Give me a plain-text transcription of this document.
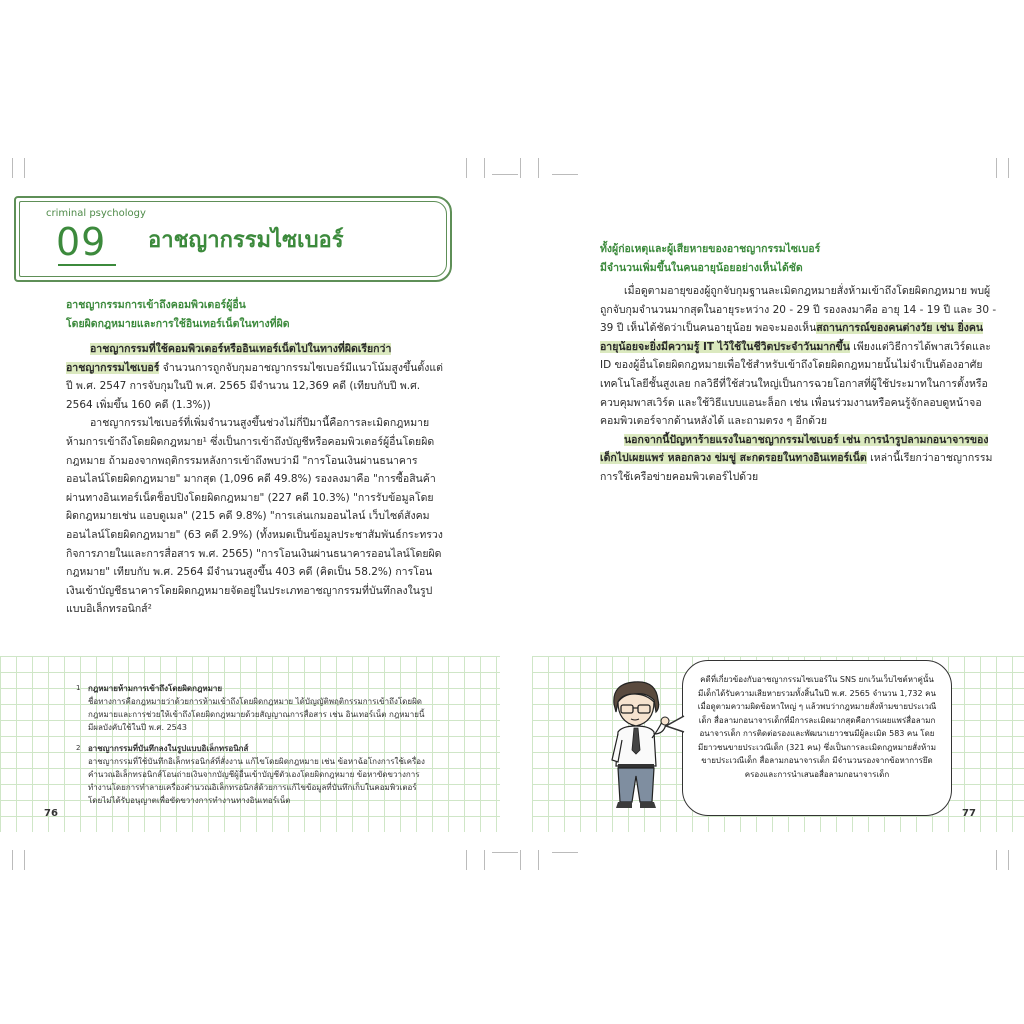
criminal psychology
09 อาชญากรรมไซเบอร์
อาชญากรรมการเข้าถึงคอมพิวเตอร์ผู้อื่น
โดยผิดกฎหมายและการใช้อินเทอร์เน็ตในทางที่ผิด
อาชญากรรมที่ใช้คอมพิวเตอร์หรืออินเทอร์เน็ตไปในทางที่ผิดเรียกว่า อาชญากรรมไซเบอร์ จำนวนการถูกจับกุมอาชญากรรมไซเบอร์มีแนวโน้มสูงขึ้นตั้งแต่ปี พ.ศ. 2547 การจับกุมในปี พ.ศ. 2565 มีจำนวน 12,369 คดี (เทียบกับปี พ.ศ. 2564 เพิ่มขึ้น 160 คดี (1.3%))
อาชญากรรมไซเบอร์ที่เพิ่มจำนวนสูงขึ้นช่วงไม่กี่ปีมานี้คือการละเมิดกฎหมายห้ามการเข้าถึงโดยผิดกฎหมาย¹ ซึ่งเป็นการเข้าถึงบัญชีหรือคอมพิวเตอร์ผู้อื่นโดยผิดกฎหมาย ถ้ามองจากพฤติกรรมหลังการเข้าถึงพบว่ามี "การโอนเงินผ่านธนาคารออนไลน์โดยผิดกฎหมาย" มากสุด (1,096 คดี 49.8%) รองลงมาคือ "การซื้อสินค้าผ่านทางอินเทอร์เน็ตช็อปปิงโดยผิดกฎหมาย" (227 คดี 10.3%) "การรับข้อมูลโดยผิดกฎหมายเช่น แอบดูเมล" (215 คดี 9.8%) "การเล่นเกมออนไลน์ เว็บไซต์สังคมออนไลน์โดยผิดกฎหมาย" (63 คดี 2.9%) (ทั้งหมดเป็นข้อมูลประชาสัมพันธ์กระทรวงกิจการภายในและการสื่อสาร พ.ศ. 2565) "การโอนเงินผ่านธนาคารออนไลน์โดยผิดกฎหมาย" เทียบกับ พ.ศ. 2564 มีจำนวนสูงขึ้น 403 คดี (คิดเป็น 58.2%) การโอนเงินเข้าบัญชีธนาคารโดยผิดกฎหมายจัดอยู่ในประเภทอาชญากรรมที่บันทึกลงในรูปแบบอิเล็กทรอนิกส์²
1 กฎหมายห้ามการเข้าถึงโดยผิดกฎหมาย
ชื่อทางการคือกฎหมายว่าด้วยการห้ามเข้าถึงโดยผิดกฎหมาย ได้บัญญัติพฤติกรรมการเข้าถึงโดยผิดกฎหมายและการช่วยให้เข้าถึงโดยผิดกฎหมายด้วยสัญญาณการสื่อสาร เช่น อินเทอร์เน็ต กฎหมายนี้มีผลบังคับใช้ในปี พ.ศ. 2543
2 อาชญากรรมที่บันทึกลงในรูปแบบอิเล็กทรอนิกส์
อาชญากรรมที่ใช้บันทึกอิเล็กทรอนิกส์ที่สั่งงาน แก้ไขโดยผิดกฎหมาย เช่น ข้อหาฉ้อโกงการใช้เครื่องคำนวณอิเล็กทรอนิกส์โอนถ่ายเงินจากบัญชีผู้อื่นเข้าบัญชีตัวเองโดยผิดกฎหมาย ข้อหาขัดขวางการทำงานโดยการทำลายเครื่องคำนวณอิเล็กทรอนิกส์ด้วยการแก้ไขข้อมูลที่บันทึกเก็บในคอมพิวเตอร์โดยไม่ได้รับอนุญาตเพื่อขัดขวางการทำงานทางอินเทอร์เน็ต
76
ทั้งผู้ก่อเหตุและผู้เสียหายของอาชญากรรมไซเบอร์
มีจำนวนเพิ่มขึ้นในคนอายุน้อยอย่างเห็นได้ชัด
เมื่อดูตามอายุของผู้ถูกจับกุมฐานละเมิดกฎหมายสั่งห้ามเข้าถึงโดยผิดกฎหมาย พบผู้ถูกจับกุมจำนวนมากสุดในอายุระหว่าง 20 - 29 ปี รองลงมาคือ อายุ 14 - 19 ปี และ 30 - 39 ปี เห็นได้ชัดว่าเป็นคนอายุน้อย พอจะมองเห็นสถานการณ์ของคนต่างวัย เช่น ยิ่งคนอายุน้อยจะยิ่งมีความรู้ IT ไว้ใช้ในชีวิตประจำวันมากขึ้น เพียงแต่วิธีการได้พาสเวิร์ดและ ID ของผู้อื่นโดยผิดกฎหมายเพื่อใช้สำหรับเข้าถึงโดยผิดกฎหมายนั้นไม่จำเป็นต้องอาศัยเทคโนโลยีชั้นสูงเลย กลวิธีที่ใช้ส่วนใหญ่เป็นการฉวยโอกาสที่ผู้ใช้ประมาทในการตั้งหรือควบคุมพาสเวิร์ด และใช้วิธีแบบแอนะล็อก เช่น เพื่อนร่วมงานหรือคนรู้จักลอบดูหน้าจอคอมพิวเตอร์จากด้านหลังได้ และถามตรง ๆ อีกด้วย
นอกจากนี้ปัญหาร้ายแรงในอาชญากรรมไซเบอร์ เช่น การนำรูปลามกอนาจารของเด็กไปเผยแพร่ หลอกลวง ข่มขู่ สะกดรอยในทางอินเทอร์เน็ต เหล่านี้เรียกว่าอาชญากรรมการใช้เครือข่ายคอมพิวเตอร์ไปด้วย
คดีที่เกี่ยวข้องกับอาชญากรรมไซเบอร์ใน SNS ยกเว้นเว็บไซต์หาคู่นั้น มีเด็กได้รับความเสียหายรวมทั้งสิ้นในปี พ.ศ. 2565 จำนวน 1,732 คน เมื่อดูตามความผิดข้อหาใหญ่ ๆ แล้วพบว่ากฎหมายสั่งห้ามขายประเวณีเด็ก สื่อลามกอนาจารเด็กที่มีการละเมิดมากสุดคือการเผยแพร่สื่อลามกอนาจารเด็ก การติดต่อรองและพัฒนาเยาวชนมีผู้ละเมิด 583 คน โดยมียาวชนขายประเวณีเด็ก (321 คน) ซึ่งเป็นการละเมิดกฎหมายสั่งห้ามขายประเวณีเด็ก สื่อลามกอนาจารเด็ก มีจำนวนรองจากข้อหาการยึดครองและการนำเสนอสื่อลามกอนาจารเด็ก
77
